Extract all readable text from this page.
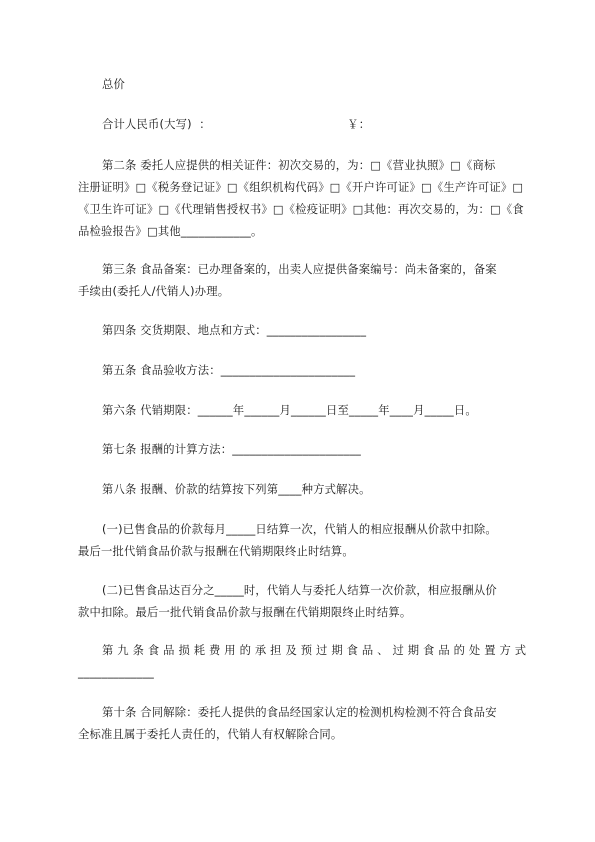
总价
合计人民币(大写)  ：                                    ￥：
第二条 委托人应提供的相关证件：初次交易的，为：□《营业执照》□《商标
注册证明》□《税务登记证》□《组织机构代码》□《开户许可证》□《生产许可证》□
《卫生许可证》□《代理销售授权书》□《检疫证明》□其他：再次交易的，为：□《食
品检验报告》□其他____________。
第三条 食品备案：已办理备案的，出卖人应提供备案编号：尚未备案的，备案
手续由(委托人/代销人)办理。
第四条 交货期限、地点和方式：_________________
第五条 食品验收方法：_______________________
第六条 代销期限：______年______月______日至_____年____月_____日。
第七条 报酬的计算方法：______________________
第八条 报酬、价款的结算按下列第____种方式解决。
(一)已售食品的价款每月_____日结算一次，代销人的相应报酬从价款中扣除。
最后一批代销食品价款与报酬在代销期限终止时结算。
(二)已售食品达百分之_____时，代销人与委托人结算一次价款，相应报酬从价
款中扣除。最后一批代销食品价款与报酬在代销期限终止时结算。
第 九 条 食 品 损 耗 费 用 的 承 担 及 预 过 期 食 品 、 过 期 食 品 的 处 置 方 式
_____________
第十条 合同解除：委托人提供的食品经国家认定的检测机构检测不符合食品安
全标准且属于委托人责任的，代销人有权解除合同。
